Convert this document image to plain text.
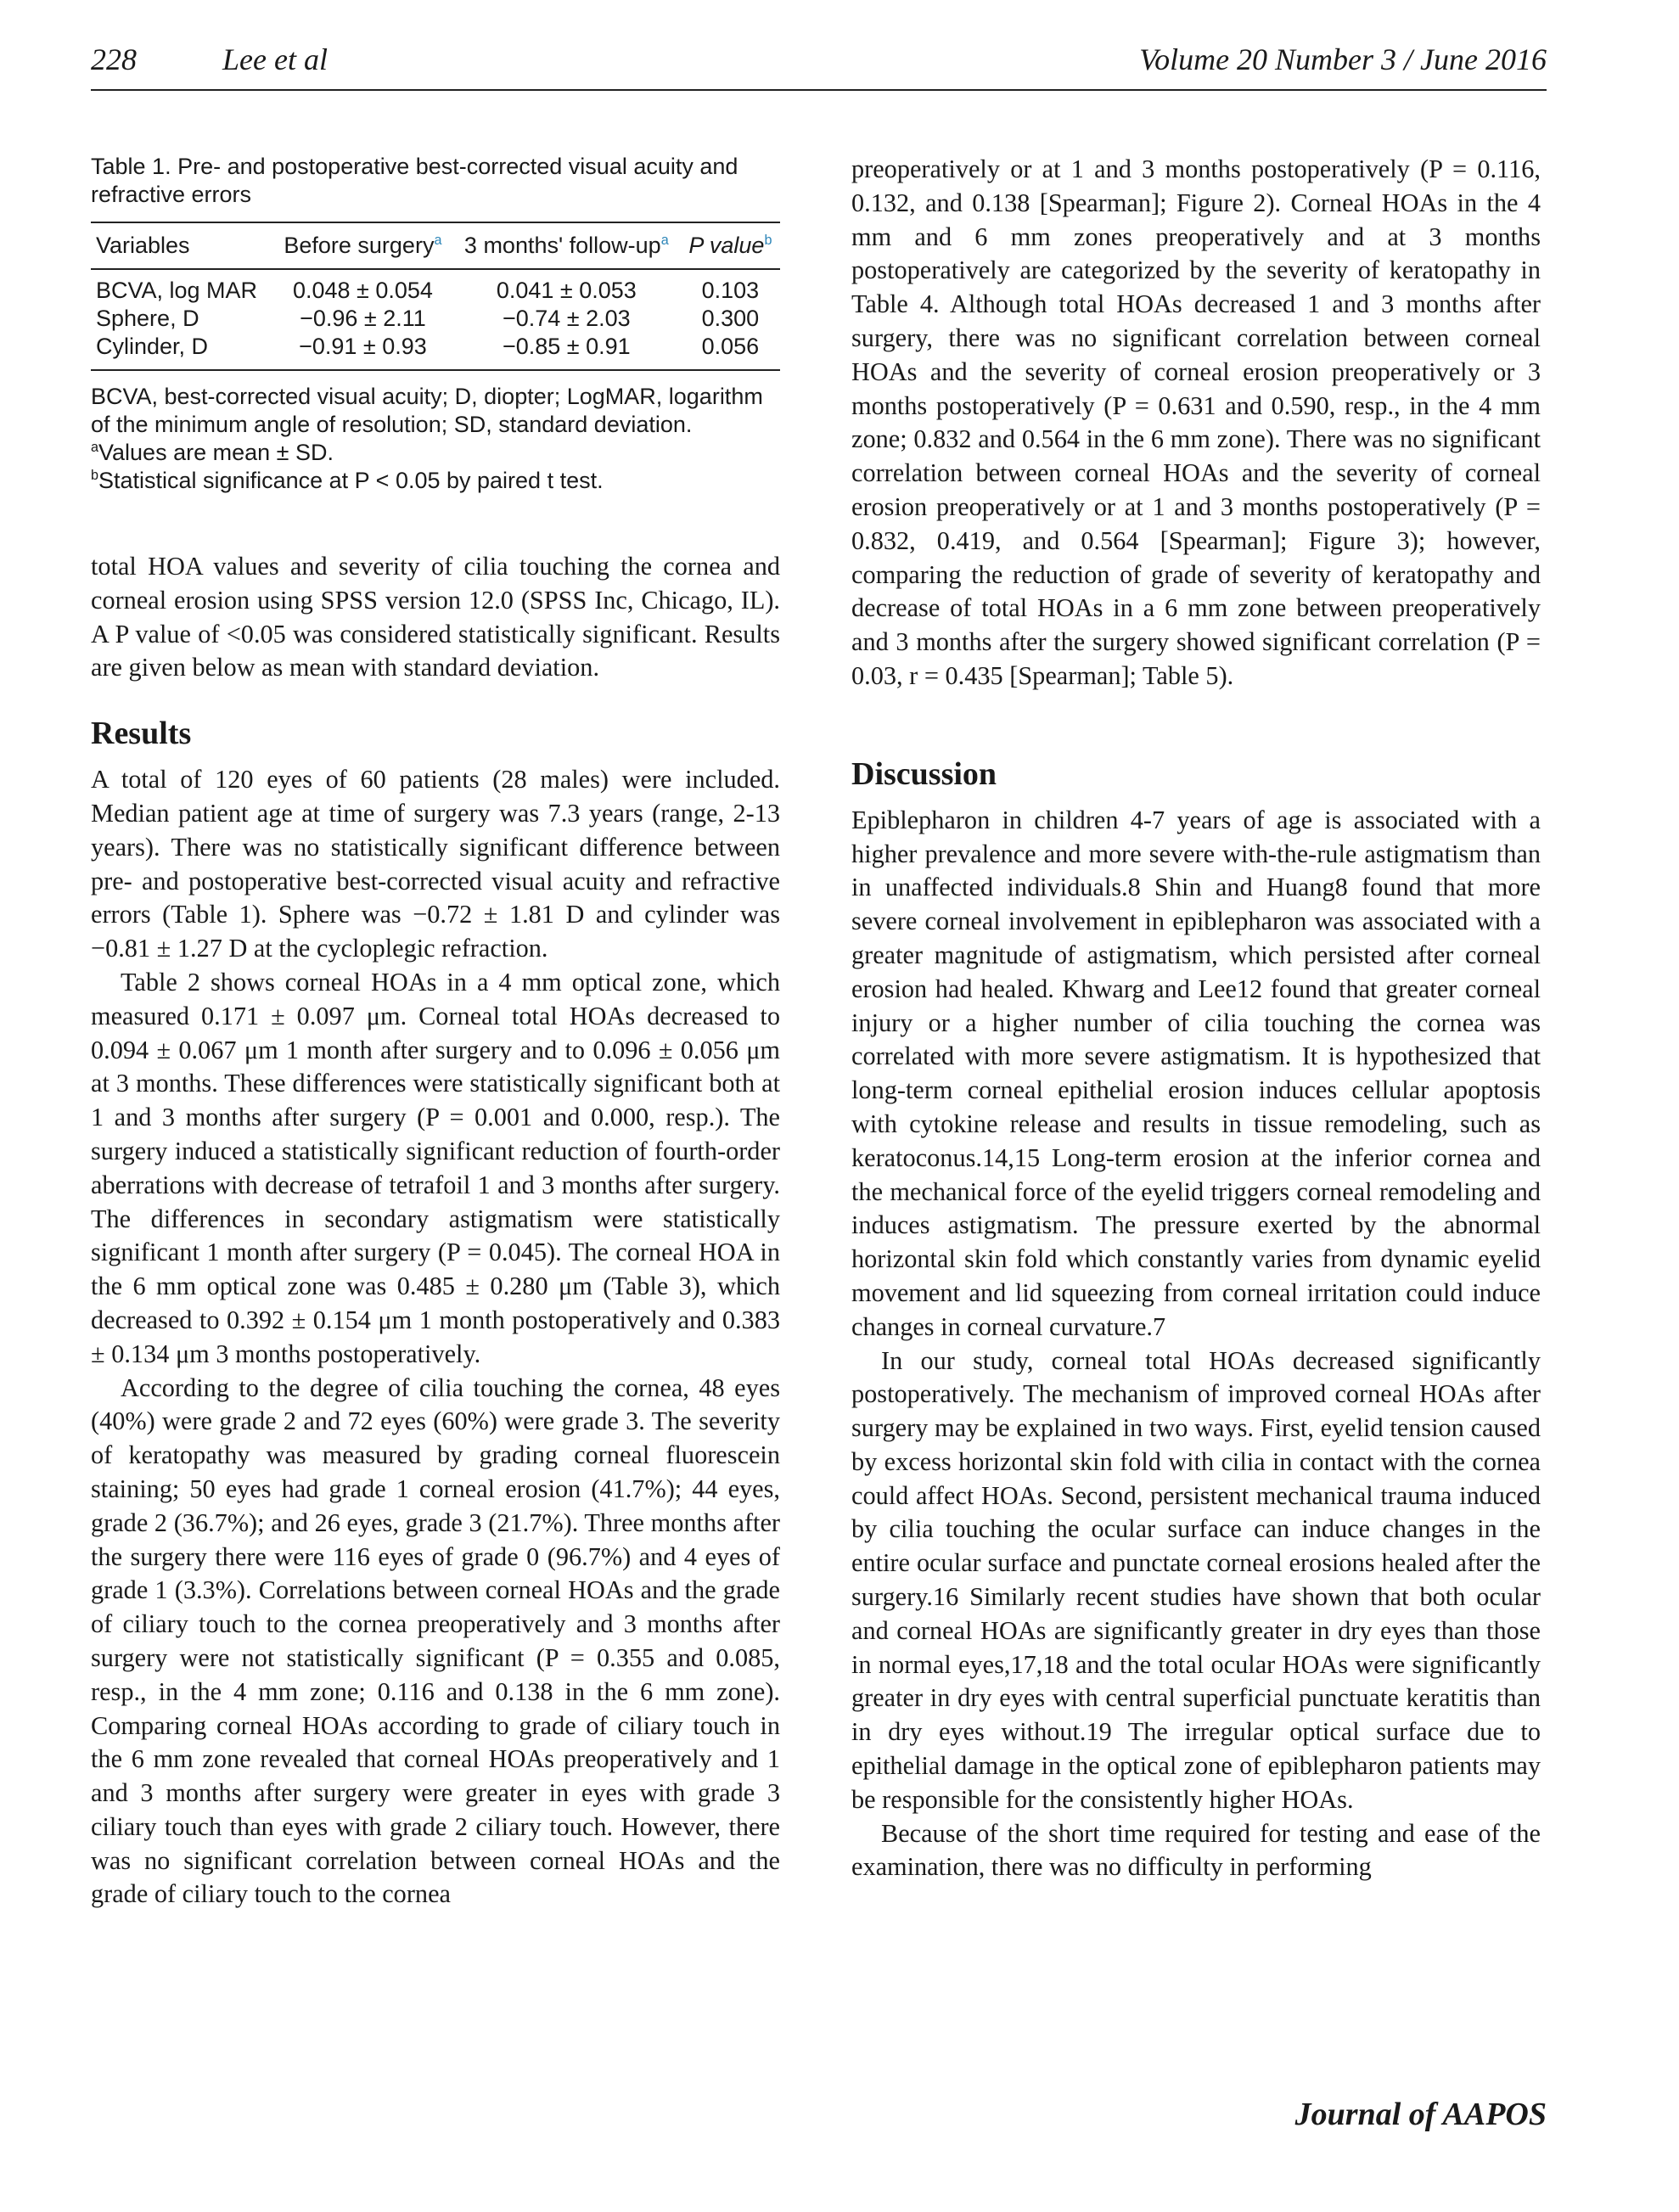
228	Lee et al	Volume 20 Number 3 / June 2016

Table 1. Pre- and postoperative best-corrected visual acuity and refractive errors

Variables	Before surgery$^a$	3 months' follow-$up^a$	P value$^b$
BCVA, log MAR	0.048 ± 0.054	0.041 ± 0.053	0.103
Sphere, D	−0.96 ± 2.11	−0.74 ± 2.03	0.300
Cylinder, D	−0.91 ± 0.93	−0.85 ± 0.91	0.056

BCVA, best-corrected visual acuity; D, diopter; LogMAR, logarithm of the minimum angle of resolution; SD, standard deviation.

$^a$Values are mean ± SD.

$^b$Statistical significance at P < 0.05 by paired t test.

total HOA values and severity of cilia touching the cornea and corneal erosion using SPSS version 12.0 (SPSS Inc, Chicago, IL). A P value of <0.05 was considered statistically significant. Results are given below as mean with standard deviation.

Results

A total of 120 eyes of 60 patients (28 males) were included. Median patient age at time of surgery was 7.3 years (range, 2-13 years). There was no statistically significant difference between pre- and postoperative best-corrected visual acuity and refractive errors (Table 1). Sphere was −0.72 ± 1.81 D and cylinder was −0.81 ± 1.27 D at the cycloplegic refraction.

Table 2 shows corneal HOAs in a 4 mm optical zone, which measured 0.171 ± 0.097 μm. Corneal total HOAs decreased to 0.094 ± 0.067 μm 1 month after surgery and to 0.096 ± 0.056 μm at 3 months. These differences were statistically significant both at 1 and 3 months after surgery (P = 0.001 and 0.000, resp.). The surgery induced a statistically significant reduction of fourth-order aberrations with decrease of tetrafoil 1 and 3 months after surgery. The differences in secondary astigmatism were statistically significant 1 month after surgery (P = 0.045). The corneal HOA in the 6 mm optical zone was 0.485 ± 0.280 μm (Table 3), which decreased to 0.392 ± 0.154 μm 1 month postoperatively and 0.383 ± 0.134 μm 3 months postoperatively.

According to the degree of cilia touching the cornea, 48 eyes (40%) were grade 2 and 72 eyes (60%) were grade 3. The severity of keratopathy was measured by grading corneal fluorescein staining; 50 eyes had grade 1 corneal erosion (41.7%); 44 eyes, grade 2 (36.7%); and 26 eyes, grade 3 (21.7%). Three months after the surgery there were 116 eyes of grade 0 (96.7%) and 4 eyes of grade 1 (3.3%). Correlations between corneal HOAs and the grade of ciliary touch to the cornea preoperatively and 3 months after surgery were not statistically significant (P = 0.355 and 0.085, resp., in the 4 mm zone; 0.116 and 0.138 in the 6 mm zone). Comparing corneal HOAs according to grade of ciliary touch in the 6 mm zone revealed that corneal HOAs preoperatively and 1 and 3 months after surgery were greater in eyes with grade 3 ciliary touch than eyes with grade 2 ciliary touch. However, there was no significant correlation between corneal HOAs and the grade of ciliary touch to the cornea

preoperatively or at 1 and 3 months postoperatively (P = 0.116, 0.132, and 0.138 [Spearman]; Figure 2). Corneal HOAs in the 4 mm and 6 mm zones preoperatively and at 3 months postoperatively are categorized by the severity of keratopathy in Table 4. Although total HOAs decreased 1 and 3 months after surgery, there was no significant correlation between corneal HOAs and the severity of corneal erosion preoperatively or 3 months postoperatively (P = 0.631 and 0.590, resp., in the 4 mm zone; 0.832 and 0.564 in the 6 mm zone). There was no significant correlation between corneal HOAs and the severity of corneal erosion preoperatively or at 1 and 3 months postoperatively (P = 0.832, 0.419, and 0.564 [Spearman]; Figure 3); however, comparing the reduction of grade of severity of keratopathy and decrease of total HOAs in a 6 mm zone between preoperatively and 3 months after the surgery showed significant correlation (P = 0.03, r = 0.435 [Spearman]; Table 5).

Discussion

Epiblepharon in children 4-7 years of age is associated with a higher prevalence and more severe with-the-rule astigmatism than in unaffected individuals.8 Shin and Huang8 found that more severe corneal involvement in epiblepharon was associated with a greater magnitude of astigmatism, which persisted after corneal erosion had healed. Khwarg and Lee12 found that greater corneal injury or a higher number of cilia touching the cornea was correlated with more severe astigmatism. It is hypothesized that long-term corneal epithelial erosion induces cellular apoptosis with cytokine release and results in tissue remodeling, such as keratoconus.14,15 Long-term erosion at the inferior cornea and the mechanical force of the eyelid triggers corneal remodeling and induces astigmatism. The pressure exerted by the abnormal horizontal skin fold which constantly varies from dynamic eyelid movement and lid squeezing from corneal irritation could induce changes in corneal curvature.7

In our study, corneal total HOAs decreased significantly postoperatively. The mechanism of improved corneal HOAs after surgery may be explained in two ways. First, eyelid tension caused by excess horizontal skin fold with cilia in contact with the cornea could affect HOAs. Second, persistent mechanical trauma induced by cilia touching the ocular surface can induce changes in the entire ocular surface and punctate corneal erosions healed after the surgery.16 Similarly recent studies have shown that both ocular and corneal HOAs are significantly greater in dry eyes than those in normal eyes,17,18 and the total ocular HOAs were significantly greater in dry eyes with central superficial punctuate keratitis than in dry eyes without.19 The irregular optical surface due to epithelial damage in the optical zone of epiblepharon patients may be responsible for the consistently higher HOAs.

Because of the short time required for testing and ease of the examination, there was no difficulty in performing

Journal of AAPOS
